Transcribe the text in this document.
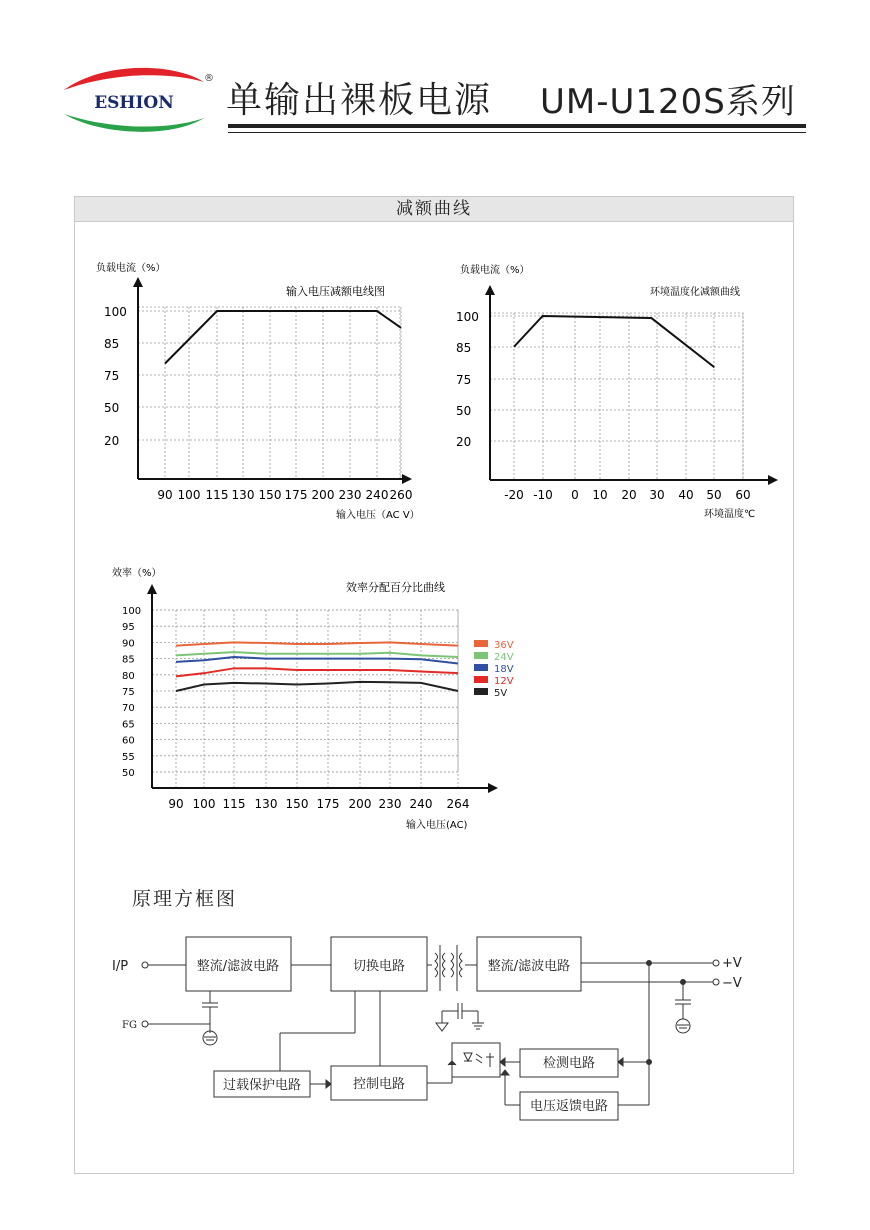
ESHION
®
单输出裸板电源 UM-U120S系列
减额曲线
负载电流（%）
输入电压减额电线图
100
85
75
50
20
90 100 115 130 150 175 200 230 240 260
输入电压（AC V）
负载电流（%）
环境温度化减额曲线
100
85
75
50
20
-20 -10 0 10 20 30 40 50 60
环境温度℃
效率（%）
效率分配百分比曲线
100
95
90
85
80
75
70
65
60
55
50
90 100 115 130 150 175 200 230 240 264
36V
24V
18V
12V
5V
输入电压(AC)
原理方框图
I/P
FG
整流/滤波电路	切换电路	整流/滤波电路	+V
−V
过载保护电路	控制电路
检测电路
电压返馈电路
